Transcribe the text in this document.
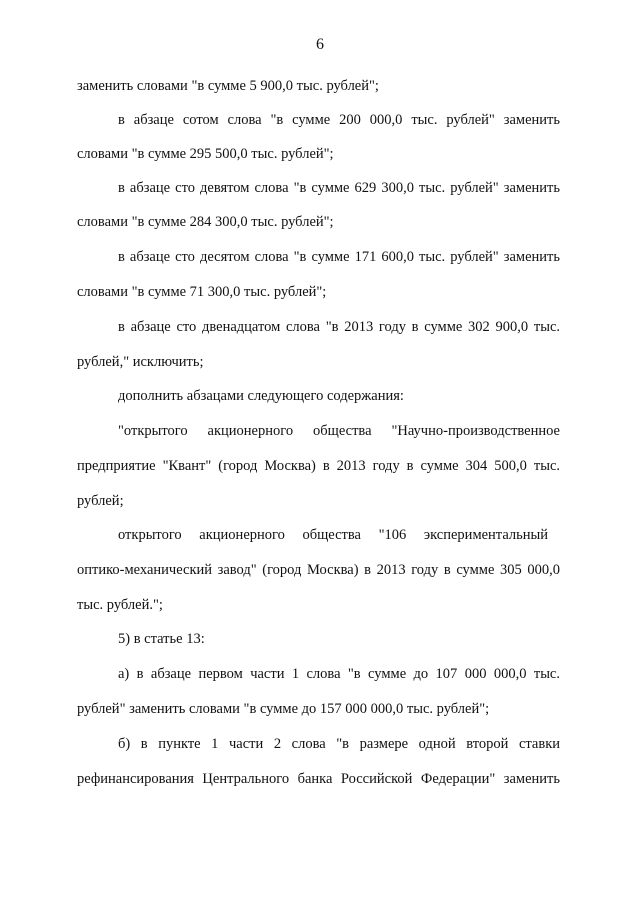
6
заменить словами "в сумме 5 900,0 тыс. рублей";
в абзаце сотом слова "в сумме 200 000,0 тыс. рублей" заменить
словами "в сумме 295 500,0 тыс. рублей";
в абзаце сто девятом слова "в сумме 629 300,0 тыс. рублей" заменить
словами "в сумме 284 300,0 тыс. рублей";
в абзаце сто десятом слова "в сумме 171 600,0 тыс. рублей" заменить
словами "в сумме 71 300,0 тыс. рублей";
в абзаце сто двенадцатом слова "в 2013 году в сумме 302 900,0 тыс.
рублей," исключить;
дополнить абзацами следующего содержания:
"открытого акционерного общества "Научно-производственное
предприятие "Квант" (город Москва) в 2013 году в сумме 304 500,0 тыс.
рублей;
открытого акционерного общества "106 экспериментальный
оптико-механический завод" (город Москва) в 2013 году в сумме 305 000,0
тыс. рублей.";
5) в статье 13:
а) в абзаце первом части 1 слова "в сумме до 107 000 000,0 тыс.
рублей" заменить словами "в сумме до 157 000 000,0 тыс. рублей";
б) в пункте 1 части 2 слова "в размере одной второй ставки
рефинансирования Центрального банка Российской Федерации" заменить
